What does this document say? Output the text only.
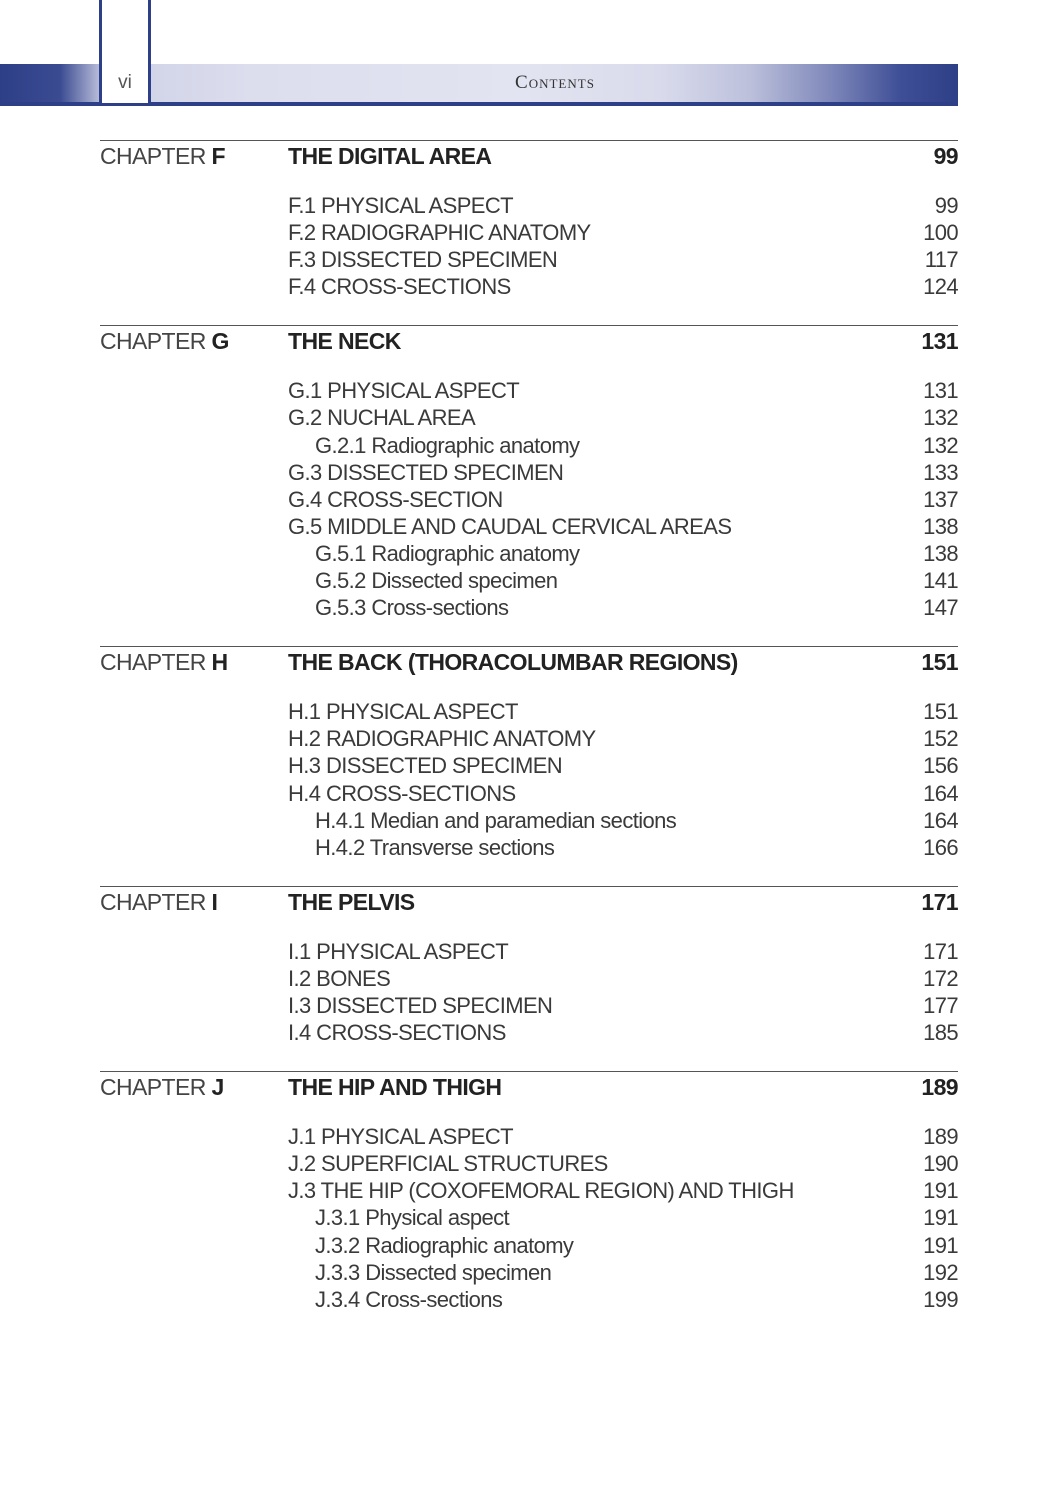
vi	Contents
CHAPTER F	THE DIGITAL AREA	99
F.1 PHYSICAL ASPECT	99
F.2 RADIOGRAPHIC ANATOMY	100
F.3 DISSECTED SPECIMEN	117
F.4 CROSS-SECTIONS	124
CHAPTER G	THE NECK	131
G.1 PHYSICAL ASPECT	131
G.2 NUCHAL AREA	132
G.2.1 Radiographic anatomy	132
G.3 DISSECTED SPECIMEN	133
G.4 CROSS-SECTION	137
G.5 MIDDLE AND CAUDAL CERVICAL AREAS	138
G.5.1 Radiographic anatomy	138
G.5.2 Dissected specimen	141
G.5.3 Cross-sections	147
CHAPTER H	THE BACK (THORACOLUMBAR REGIONS)	151
H.1 PHYSICAL ASPECT	151
H.2 RADIOGRAPHIC ANATOMY	152
H.3 DISSECTED SPECIMEN	156
H.4 CROSS-SECTIONS	164
H.4.1 Median and paramedian sections	164
H.4.2 Transverse sections	166
CHAPTER I	THE PELVIS	171
I.1 PHYSICAL ASPECT	171
I.2 BONES	172
I.3 DISSECTED SPECIMEN	177
I.4 CROSS-SECTIONS	185
CHAPTER J	THE HIP AND THIGH	189
J.1 PHYSICAL ASPECT	189
J.2 SUPERFICIAL STRUCTURES	190
J.3 THE HIP (COXOFEMORAL REGION) AND THIGH	191
J.3.1 Physical aspect	191
J.3.2 Radiographic anatomy	191
J.3.3 Dissected specimen	192
J.3.4 Cross-sections	199
